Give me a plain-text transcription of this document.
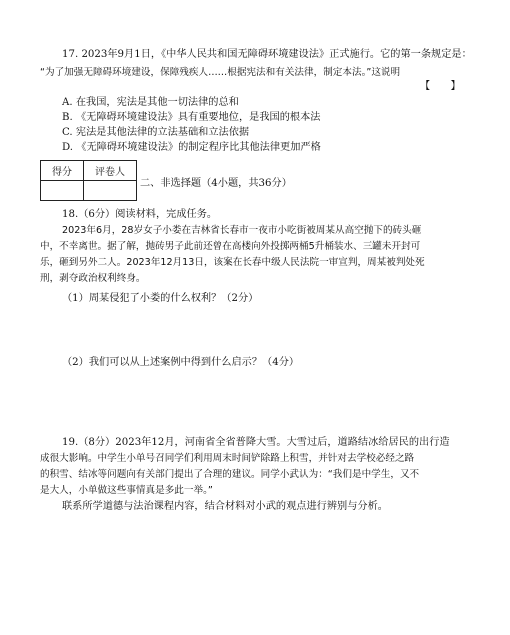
17. 2023年9月1日，《中华人民共和国无障碍环境建设法》正式施行。它的第一条规定是：
“为了加强无障碍环境建设，保障残疾人……根据宪法和有关法律，制定本法。”这说明
【　　】
A. 在我国，宪法是其他一切法律的总和
B. 《无障碍环境建设法》具有重要地位，是我国的根本法
C. 宪法是其他法律的立法基础和立法依据
D. 《无障碍环境建设法》的制定程序比其他法律更加严格
得分	评卷人

二、非选择题（4小题，共36分）
18.（6分）阅读材料，完成任务。
2023年6月，28岁女子小娄在吉林省长春市一夜市小吃街被周某从高空抛下的砖头砸
中，不幸离世。据了解，抛砖男子此前还曾在高楼向外投掷两桶5升桶装水、三罐未开封可
乐，砸到另外二人。2023年12月13日，该案在长春中级人民法院一审宣判，周某被判处死
刑，剥夺政治权利终身。
（1）周某侵犯了小娄的什么权利？（2分）
（2）我们可以从上述案例中得到什么启示？（4分）
19.（8分）2023年12月，河南省全省普降大雪。大雪过后，道路结冰给居民的出行造
成很大影响。中学生小单号召同学们利用周末时间铲除路上积雪，并针对去学校必经之路
的积雪、结冰等问题向有关部门提出了合理的建议。同学小武认为：“我们是中学生，又不
是大人，小单做这些事情真是多此一举。”
联系所学道德与法治课程内容，结合材料对小武的观点进行辨别与分析。
